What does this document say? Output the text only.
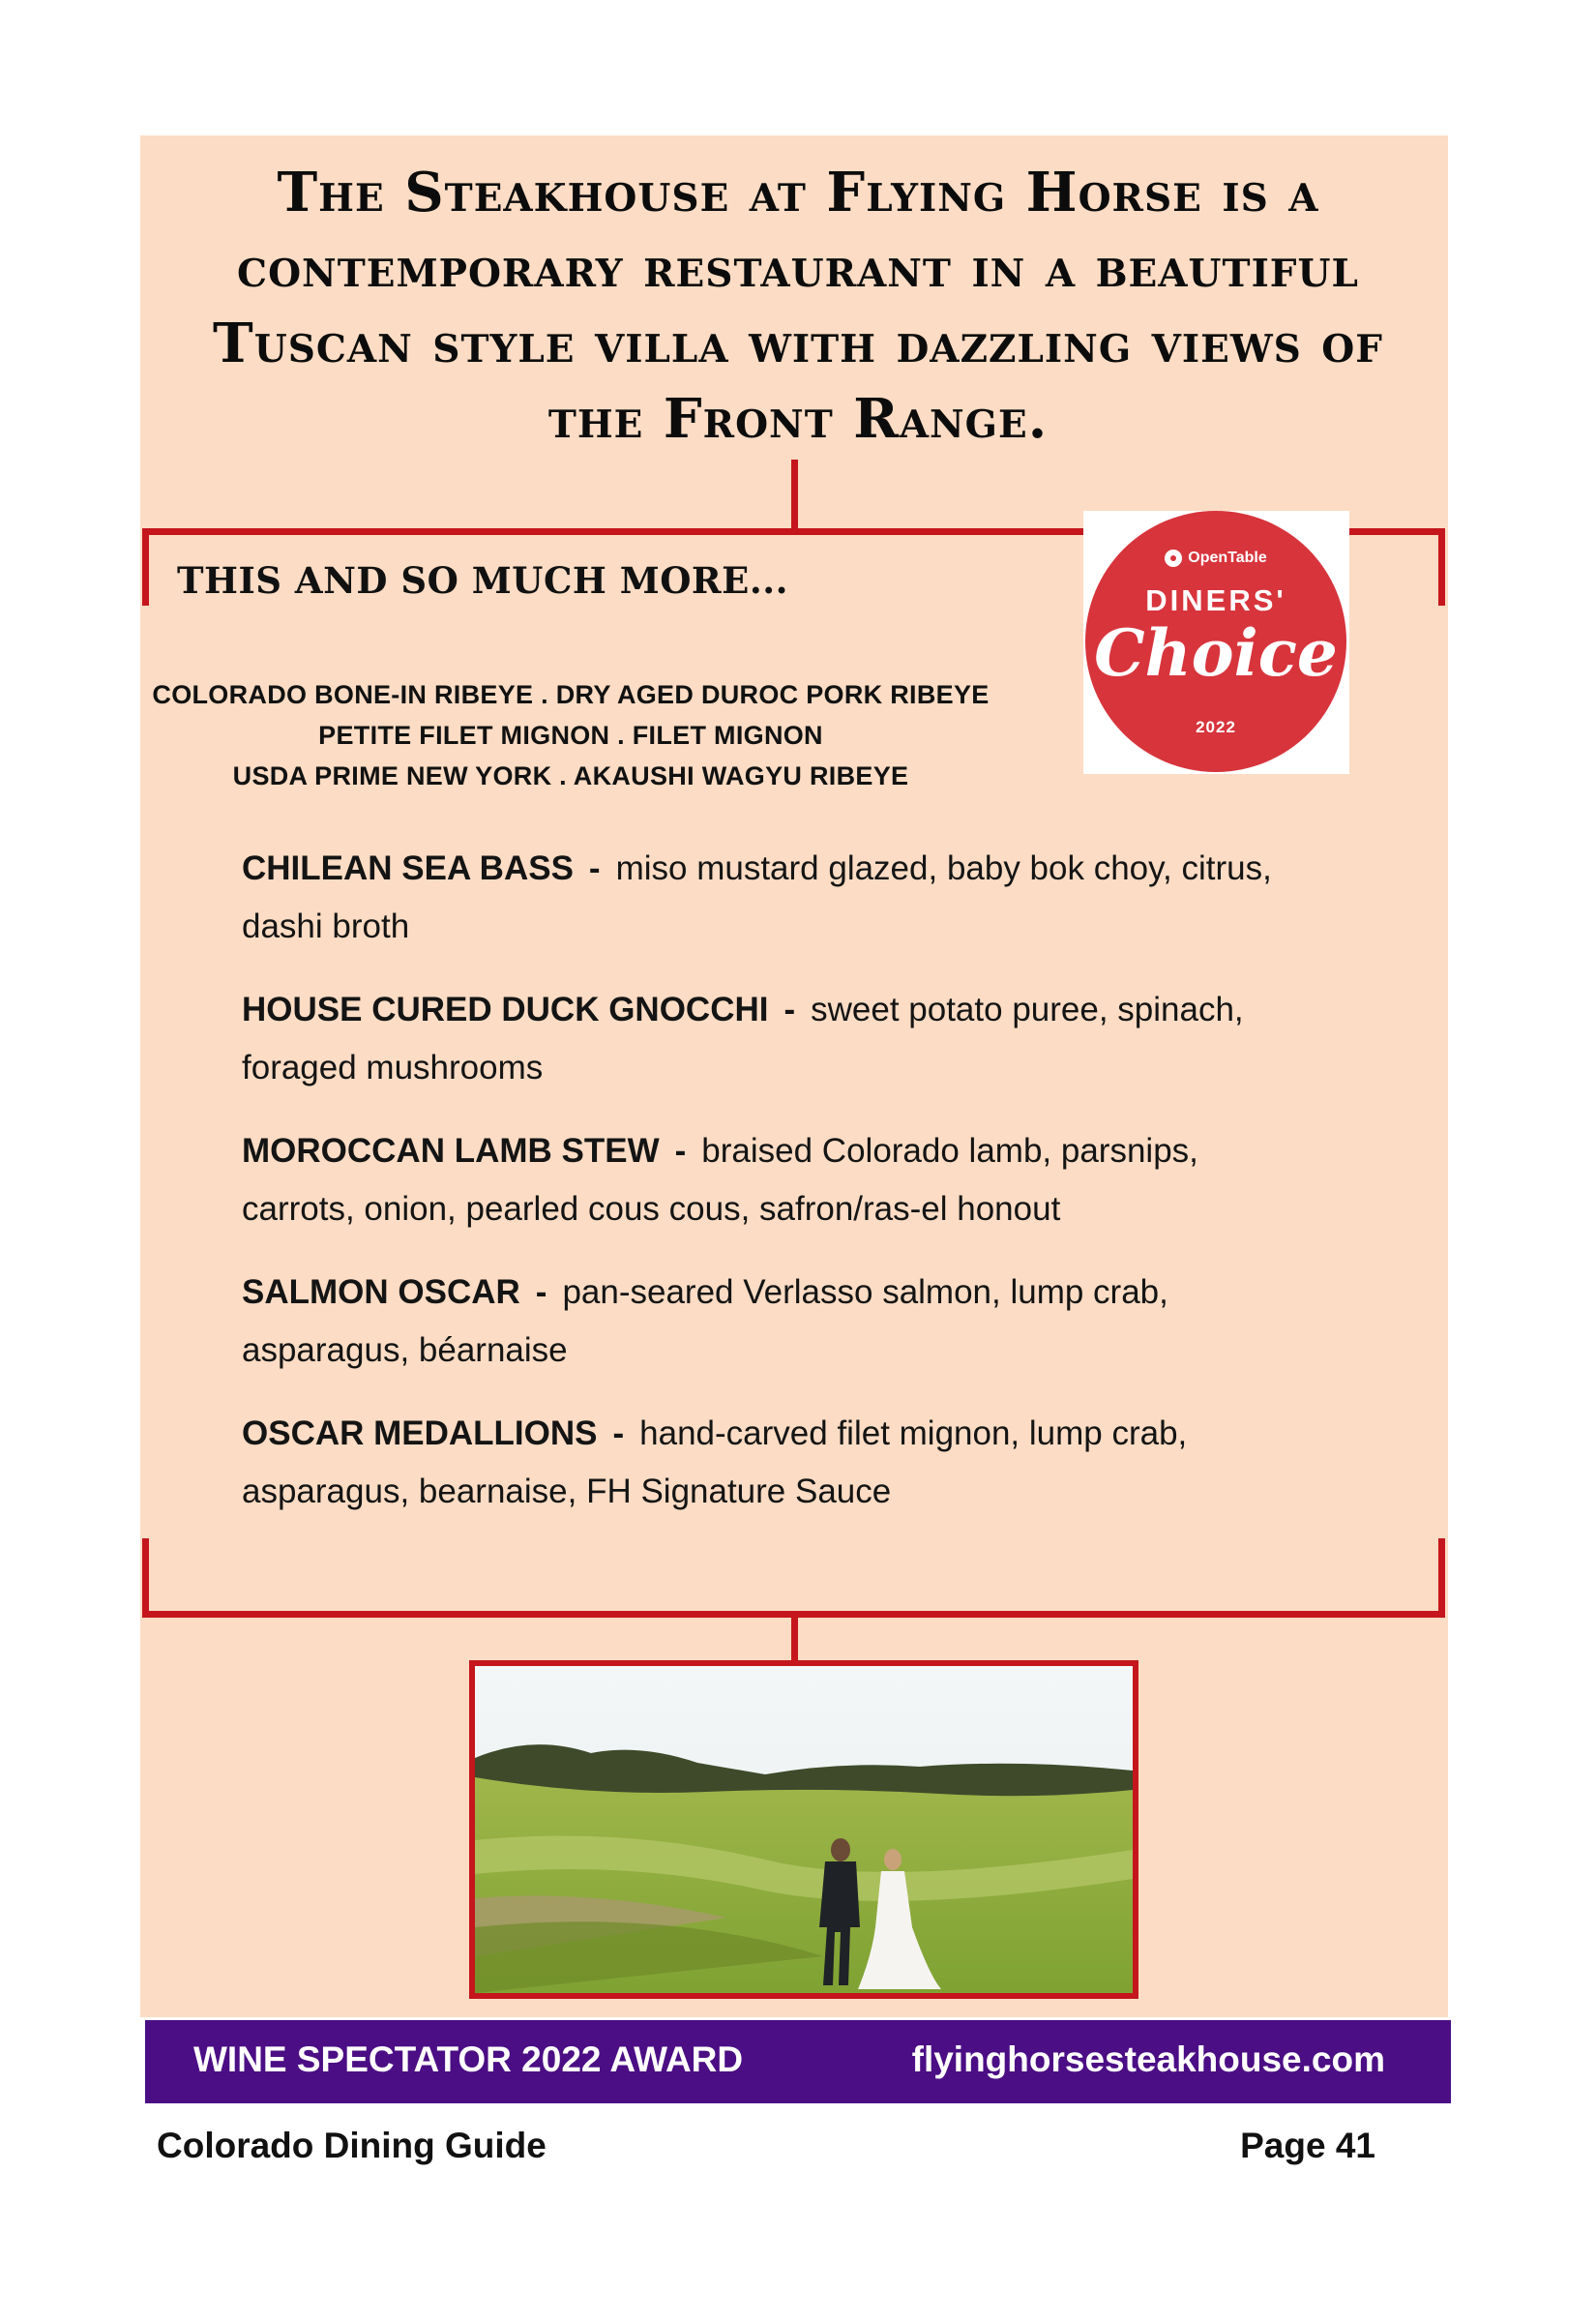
The Steakhouse at Flying Horse is a contemporary restaurant in a beautiful Tuscan style villa with dazzling views of the Front Range.
THIS AND SO MUCH MORE...
OpenTable
DINERS'
Choice
2022
COLORADO BONE-IN RIBEYE . DRY AGED DUROC PORK RIBEYE
PETITE FILET MIGNON . FILET MIGNON
USDA PRIME NEW YORK . AKAUSHI WAGYU RIBEYE

CHILEAN SEA BASS - miso mustard glazed, baby bok choy, citrus, dashi broth

HOUSE CURED DUCK GNOCCHI - sweet potato puree, spinach, foraged mushrooms

MOROCCAN LAMB STEW - braised Colorado lamb, parsnips, carrots, onion, pearled cous cous, safron/ras-el honout

SALMON OSCAR - pan-seared Verlasso salmon, lump crab, asparagus, béarnaise

OSCAR MEDALLIONS - hand-carved filet mignon, lump crab, asparagus, bearnaise, FH Signature Sauce

WINE SPECTATOR 2022 AWARD	flyinghorsesteakhouse.com
Colorado Dining Guide	Page 41
